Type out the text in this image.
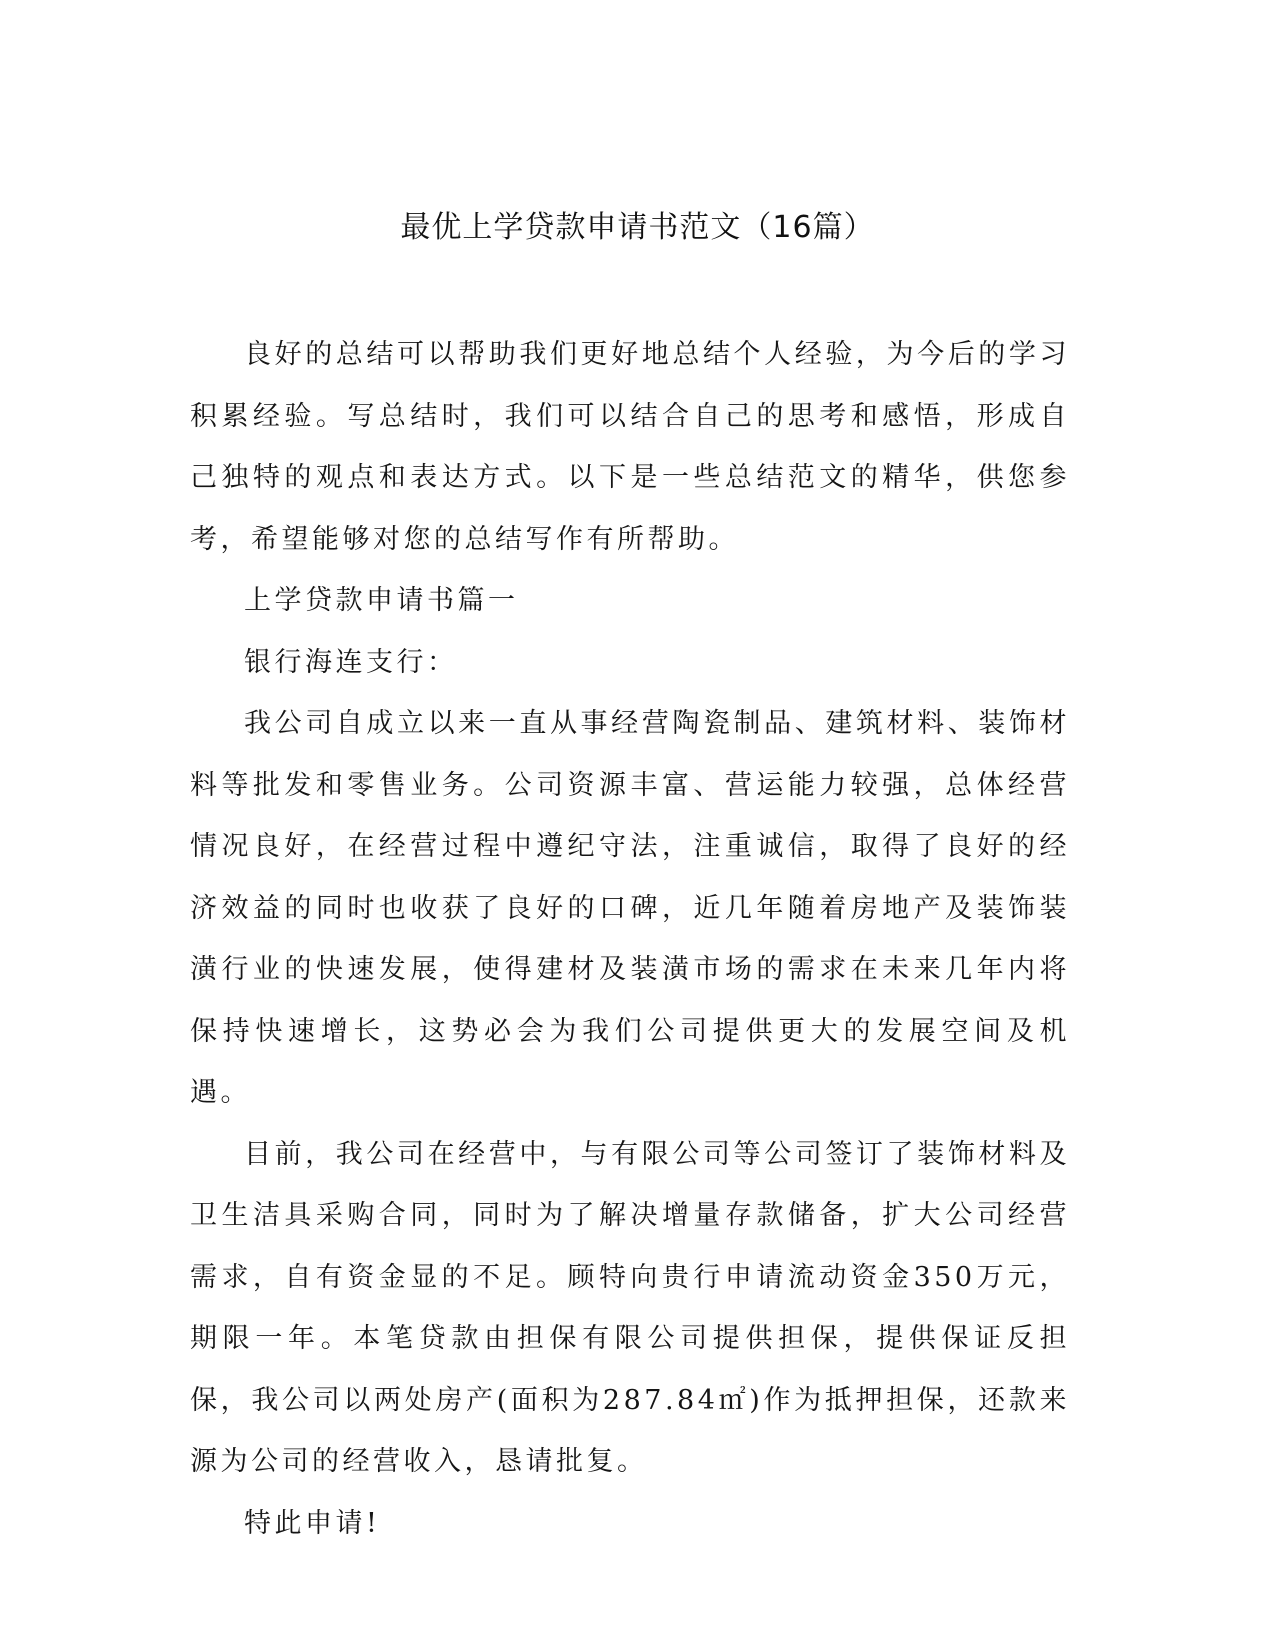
最优上学贷款申请书范文（16篇）

良好的总结可以帮助我们更好地总结个人经验，为今后的学习积累经验。写总结时，我们可以结合自己的思考和感悟，形成自己独特的观点和表达方式。以下是一些总结范文的精华，供您参考，希望能够对您的总结写作有所帮助。

上学贷款申请书篇一

银行海连支行：

我公司自成立以来一直从事经营陶瓷制品、建筑材料、装饰材料等批发和零售业务。公司资源丰富、营运能力较强，总体经营情况良好，在经营过程中遵纪守法，注重诚信，取得了良好的经济效益的同时也收获了良好的口碑，近几年随着房地产及装饰装潢行业的快速发展，使得建材及装潢市场的需求在未来几年内将保持快速增长，这势必会为我们公司提供更大的发展空间及机遇。

目前，我公司在经营中，与有限公司等公司签订了装饰材料及卫生洁具采购合同，同时为了解决增量存款储备，扩大公司经营需求，自有资金显的不足。顾特向贵行申请流动资金350万元，期限一年。本笔贷款由担保有限公司提供担保，提供保证反担保，我公司以两处房产(面积为287.84㎡)作为抵押担保，还款来源为公司的经营收入，恳请批复。

特此申请!
